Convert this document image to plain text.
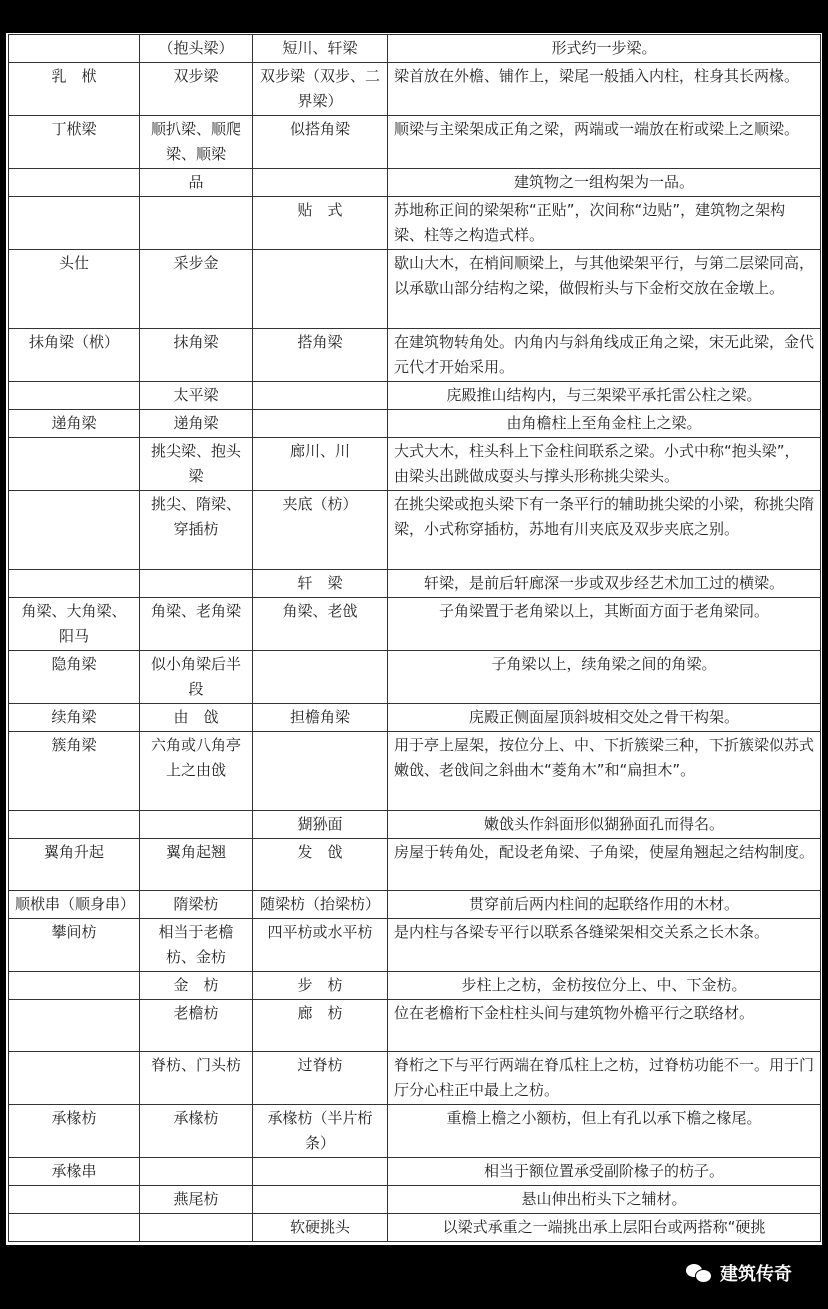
	（抱头梁）	短川、轩梁	形式约一步梁。
乳　栿	双步梁	双步梁（双步、二界梁）	梁首放在外檐、铺作上，梁尾一般插入内柱，柱身其长两椽。
丁栿梁	顺扒梁、顺爬梁、顺梁	似搭角梁	顺梁与主梁架成正角之梁，两端或一端放在桁或梁上之顺梁。
	品		建筑物之一组构架为一品。
		贴　式	苏地称正间的梁架称“正贴”，次间称“边贴”，建筑物之架构梁、柱等之构造式样。
头仕	采步金		歇山大木，在梢间顺梁上，与其他梁架平行，与第二层梁同高，以承歇山部分结构之梁，做假桁头与下金桁交放在金墩上。
抹角梁（栿）	抹角梁	搭角梁	在建筑物转角处。内角内与斜角线成正角之梁，宋无此梁，金代元代才开始采用。
	太平梁		庑殿推山结构内，与三架梁平承托雷公柱之梁。
递角梁	递角梁		由角檐柱上至角金柱上之梁。
	挑尖梁、抱头梁	廊川、川	大式大木，柱头科上下金柱间联系之梁。小式中称“抱头梁”，由梁头出跳做成耍头与撑头形称挑尖梁头。
	挑尖、隋梁、穿插枋	夹底（枋）	在挑尖梁或抱头梁下有一条平行的辅助挑尖梁的小梁，称挑尖隋梁，小式称穿插枋，苏地有川夹底及双步夹底之别。
		轩　梁	轩梁，是前后轩廊深一步或双步经艺术加工过的横梁。
角梁、大角梁、阳马	角梁、老角梁	角梁、老戗	子角梁置于老角梁以上，其断面方面于老角梁同。
隐角梁	似小角梁后半段		子角梁以上，续角梁之间的角梁。
续角梁	由　戗	担檐角梁	庑殿正侧面屋顶斜坡相交处之骨干构架。
簇角梁	六角或八角亭上之由戗		用于亭上屋架，按位分上、中、下折簇梁三种，下折簇梁似苏式嫩戗、老戗间之斜曲木“菱角木”和“扁担木”。
		猢狲面	嫩戗头作斜面形似猢狲面孔而得名。
翼角升起	翼角起翘	发　戗	房屋于转角处，配设老角梁、子角梁，使屋角翘起之结构制度。
顺栿串（顺身串）	隋梁枋	随梁枋（抬梁枋）	贯穿前后两内柱间的起联络作用的木材。
攀间枋	相当于老檐枋、金枋	四平枋或水平枋	是内柱与各梁专平行以联系各缝梁架相交关系之长木条。
	金　枋	步　枋	步柱上之枋，金枋按位分上、中、下金枋。
	老檐枋	廊　枋	位在老檐桁下金柱柱头间与建筑物外檐平行之联络材。
	脊枋、门头枋	过脊枋	脊桁之下与平行两端在脊瓜柱上之枋，过脊枋功能不一。用于门厅分心柱正中最上之枋。
承椽枋	承椽枋	承椽枋（半片桁条）	重檐上檐之小额枋，但上有孔以承下檐之椽尾。
承椽串			相当于额位置承受副阶椽子的枋子。
	燕尾枋		悬山伸出桁头下之辅材。
		软硬挑头	以梁式承重之一端挑出承上层阳台或两搭称“硬挑
建筑传奇
